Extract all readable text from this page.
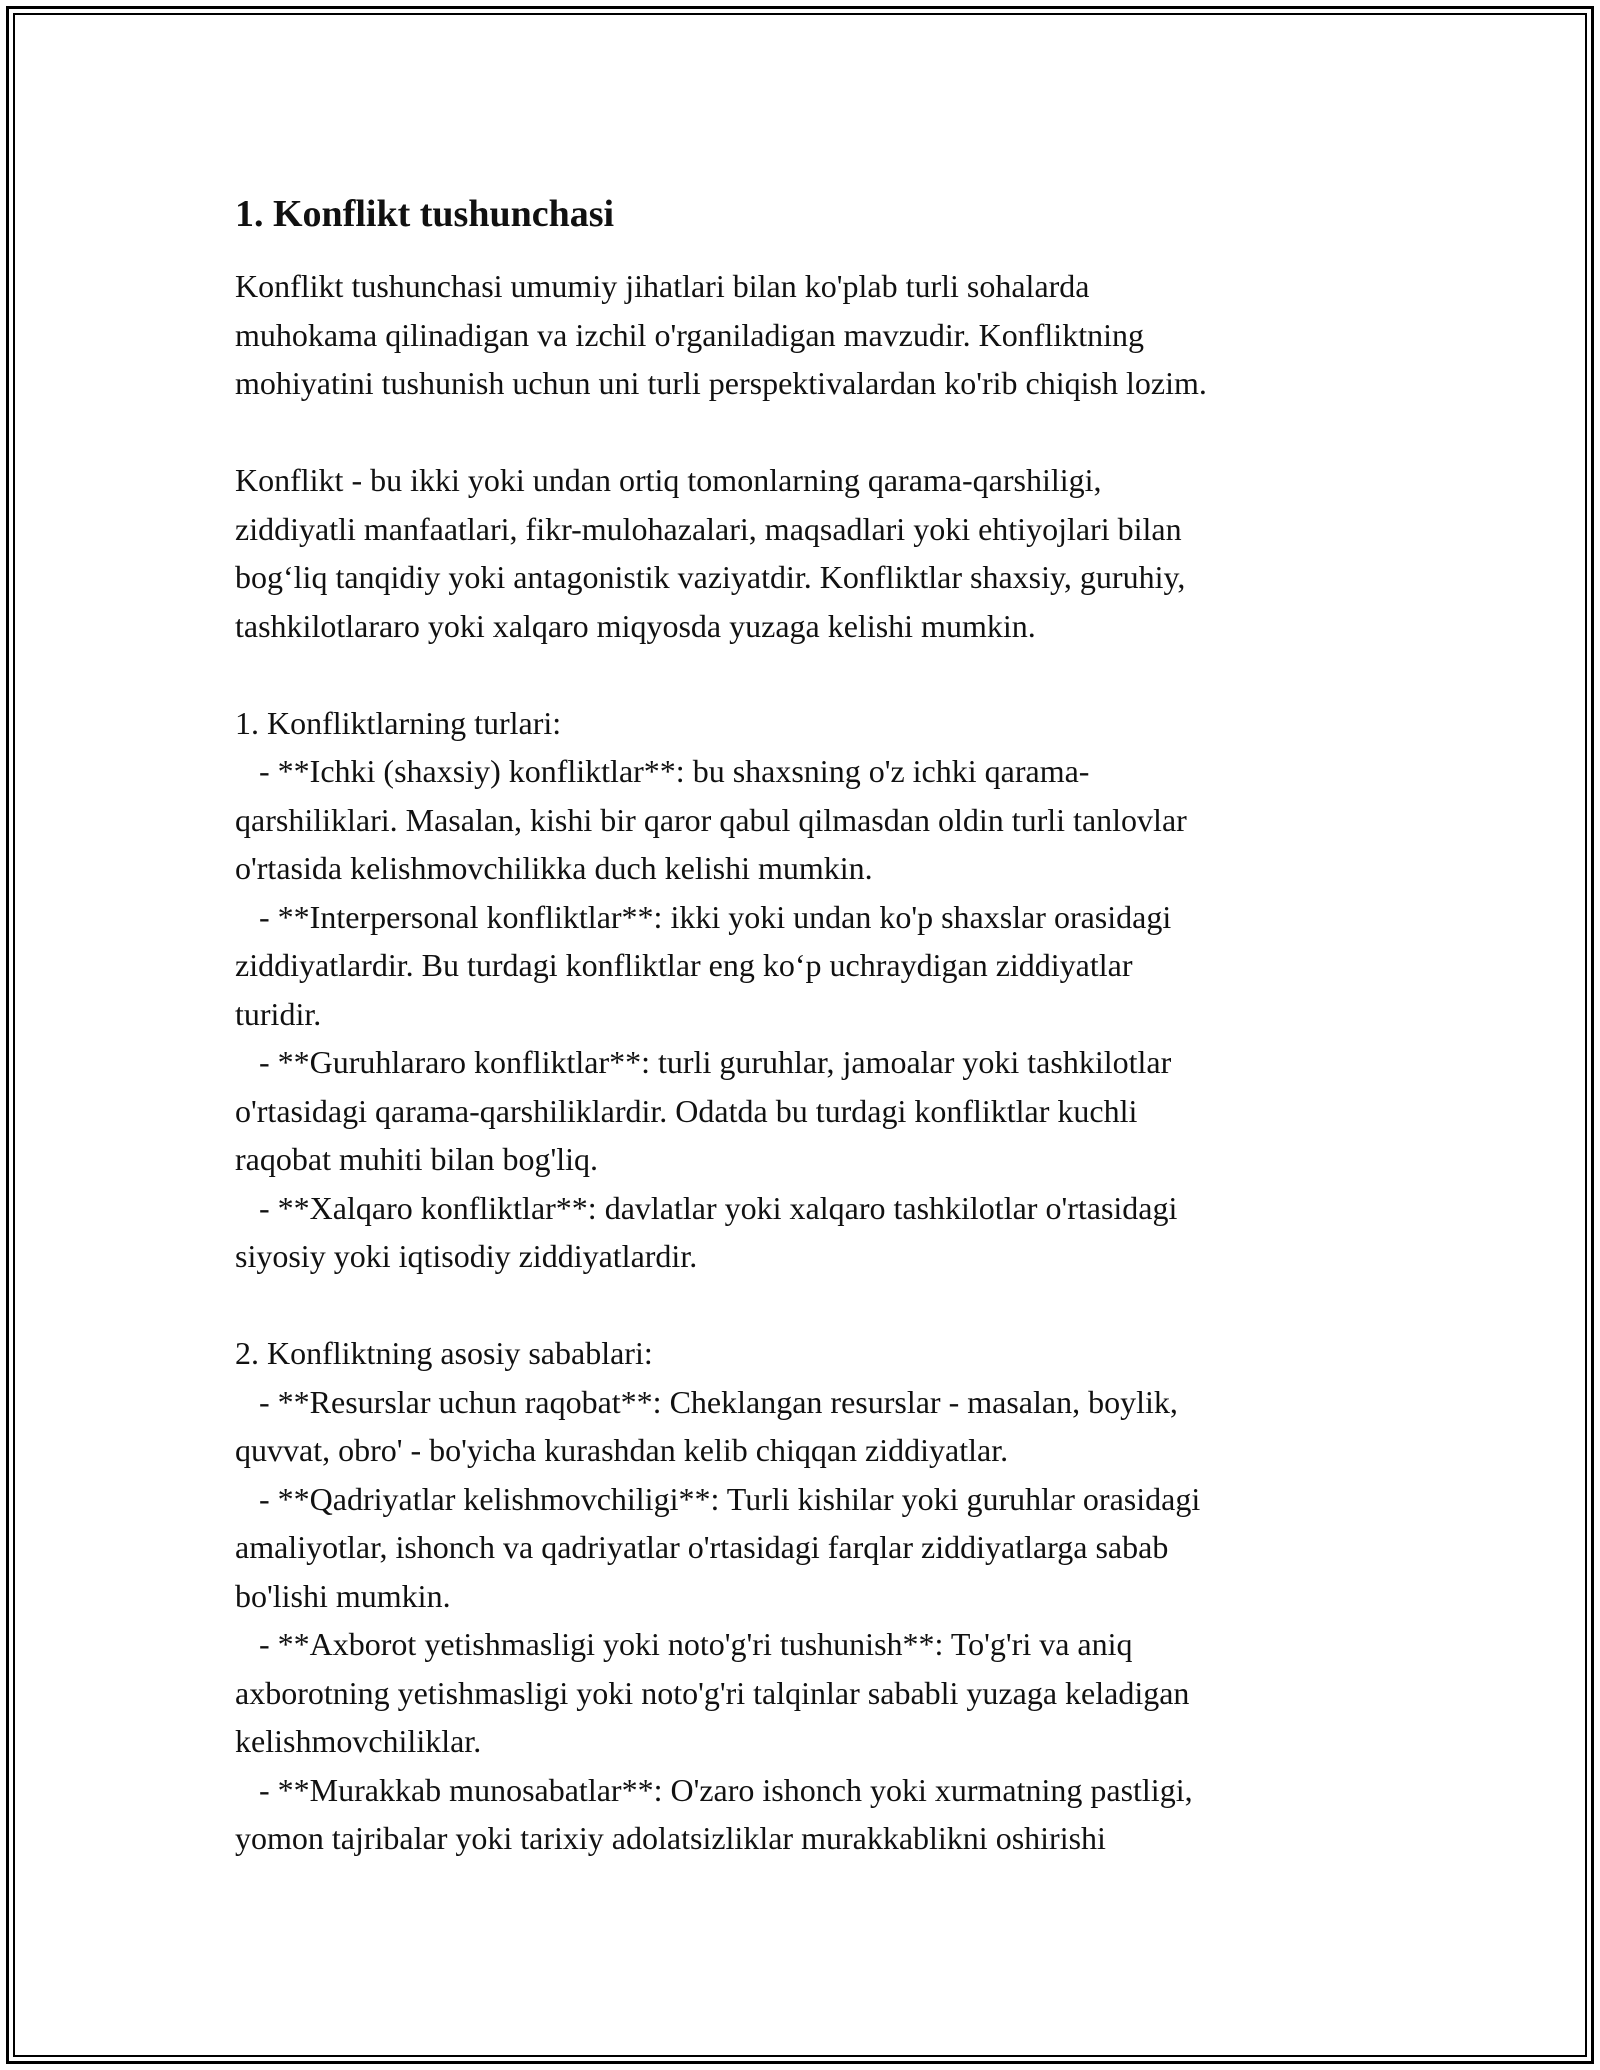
1. Konflikt tushunchasi

Konflikt tushunchasi umumiy jihatlari bilan ko'plab turli sohalarda
muhokama qilinadigan va izchil o'rganiladigan mavzudir. Konfliktning
mohiyatini tushunish uchun uni turli perspektivalardan ko'rib chiqish lozim.

Konflikt - bu ikki yoki undan ortiq tomonlarning qarama-qarshiligi,
ziddiyatli manfaatlari, fikr-mulohazalari, maqsadlari yoki ehtiyojlari bilan
bog‘liq tanqidiy yoki antagonistik vaziyatdir. Konfliktlar shaxsiy, guruhiy,
tashkilotlararo yoki xalqaro miqyosda yuzaga kelishi mumkin.

1. Konfliktlarning turlari:
- **Ichki (shaxsiy) konfliktlar**: bu shaxsning o'z ichki qarama-
qarshiliklari. Masalan, kishi bir qaror qabul qilmasdan oldin turli tanlovlar
o'rtasida kelishmovchilikka duch kelishi mumkin.
- **Interpersonal konfliktlar**: ikki yoki undan ko'p shaxslar orasidagi
ziddiyatlardir. Bu turdagi konfliktlar eng ko‘p uchraydigan ziddiyatlar
turidir.
- **Guruhlararo konfliktlar**: turli guruhlar, jamoalar yoki tashkilotlar
o'rtasidagi qarama-qarshiliklardir. Odatda bu turdagi konfliktlar kuchli
raqobat muhiti bilan bog'liq.
- **Xalqaro konfliktlar**: davlatlar yoki xalqaro tashkilotlar o'rtasidagi
siyosiy yoki iqtisodiy ziddiyatlardir.

2. Konfliktning asosiy sabablari:
- **Resurslar uchun raqobat**: Cheklangan resurslar - masalan, boylik,
quvvat, obro' - bo'yicha kurashdan kelib chiqqan ziddiyatlar.
- **Qadriyatlar kelishmovchiligi**: Turli kishilar yoki guruhlar orasidagi
amaliyotlar, ishonch va qadriyatlar o'rtasidagi farqlar ziddiyatlarga sabab
bo'lishi mumkin.
- **Axborot yetishmasligi yoki noto'g'ri tushunish**: To'g'ri va aniq
axborotning yetishmasligi yoki noto'g'ri talqinlar sababli yuzaga keladigan
kelishmovchiliklar.
- **Murakkab munosabatlar**: O'zaro ishonch yoki xurmatning pastligi,
yomon tajribalar yoki tarixiy adolatsizliklar murakkablikni oshirishi
